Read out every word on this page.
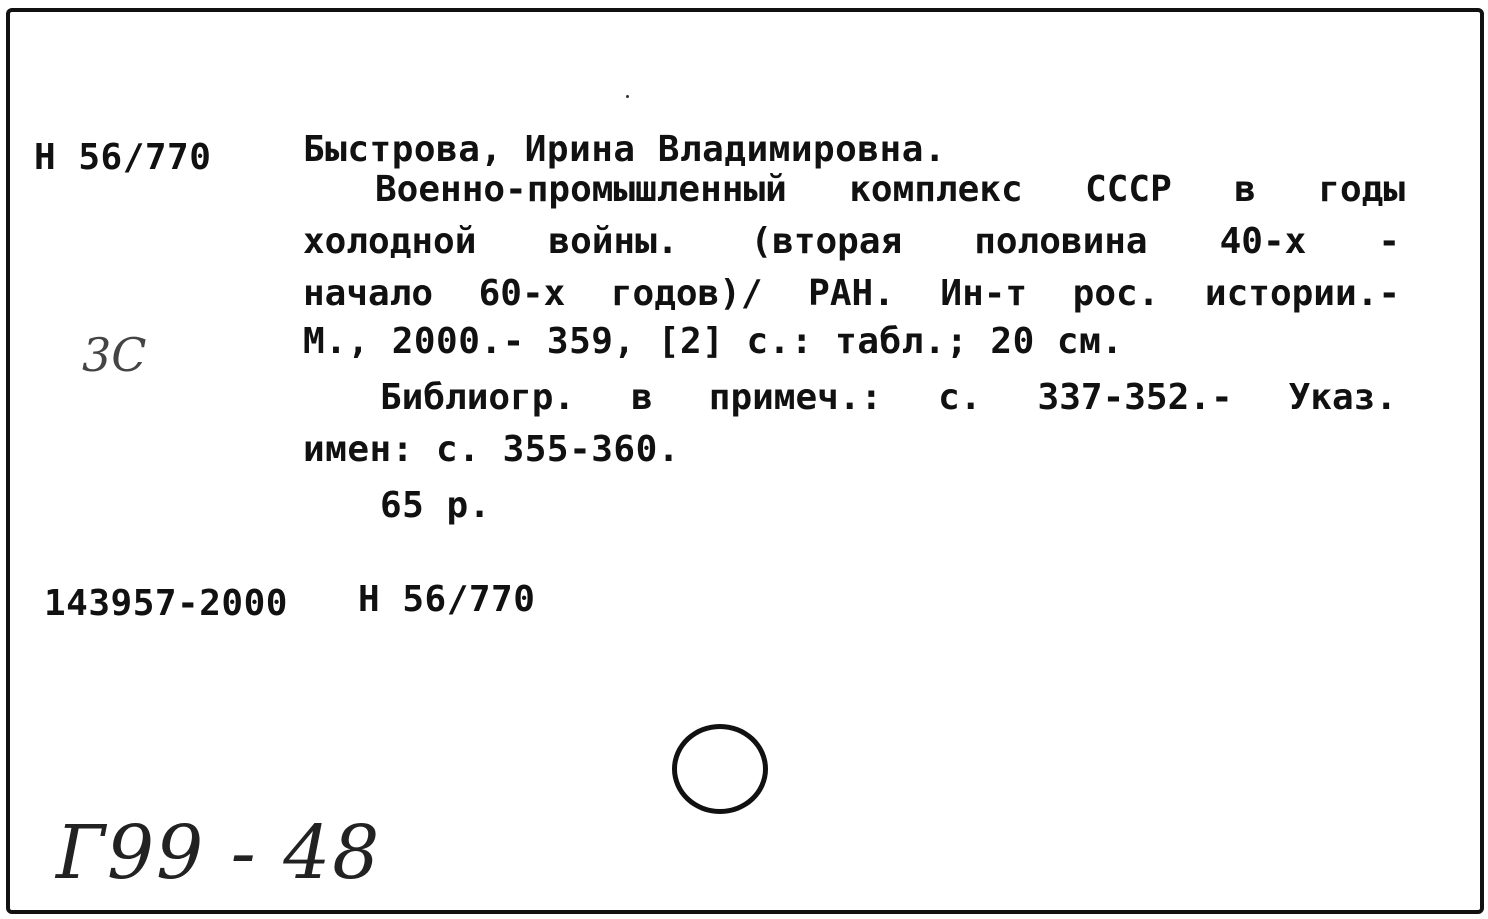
Н 56/770	Быстрова, Ирина Владимировна.
Военно-промышленный комплекс СССР в годы
холодной войны. (вторая половина 40-х -
начало 60-х годов)/ РАН. Ин-т рос. истории.-
М., 2000.- 359, [2] с.: табл.; 20 см.
Библиогр. в примеч.: с. 337-352.- Указ.
имен: с. 355-360.
65 р.
143957-2000 Н 56/770
3С
Г99 - 48
